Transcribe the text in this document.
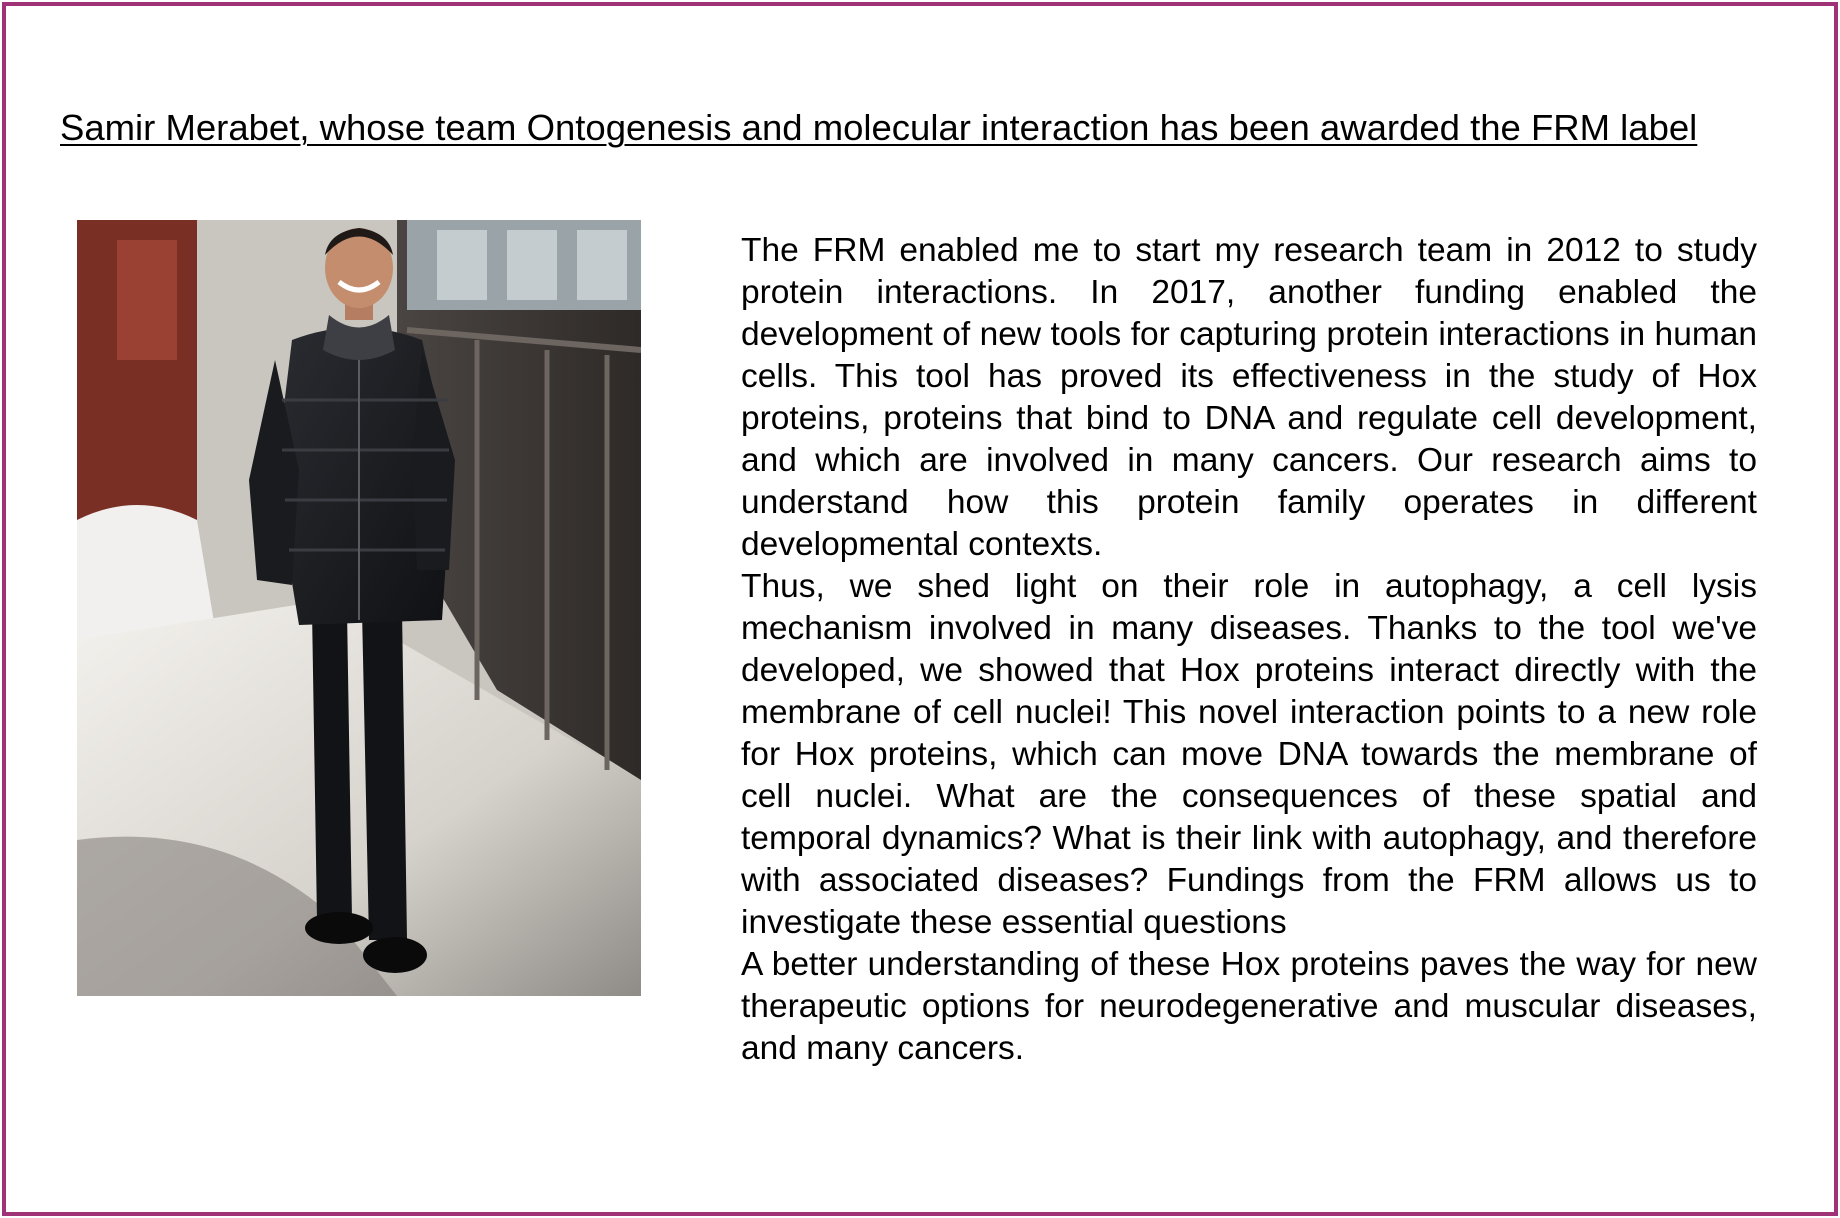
Samir Merabet, whose team Ontogenesis and molecular interaction has been awarded the FRM label

The FRM enabled me to start my research team in 2012 to study protein interactions. In 2017, another funding enabled the development of new tools for capturing protein interactions in human cells. This tool has proved its effectiveness in the study of Hox proteins, proteins that bind to DNA and regulate cell development, and which are involved in many cancers. Our research aims to understand how this protein family operates in different developmental contexts.

Thus, we shed light on their role in autophagy, a cell lysis mechanism involved in many diseases. Thanks to the tool we've developed, we showed that Hox proteins interact directly with the membrane of cell nuclei! This novel interaction points to a new role for Hox proteins, which can move DNA towards the membrane of cell nuclei. What are the consequences of these spatial and temporal dynamics? What is their link with autophagy, and therefore with associated diseases? Fundings from the FRM allows us to investigate these essential questions

A better understanding of these Hox proteins paves the way for new therapeutic options for neurodegenerative and muscular diseases, and many cancers.
